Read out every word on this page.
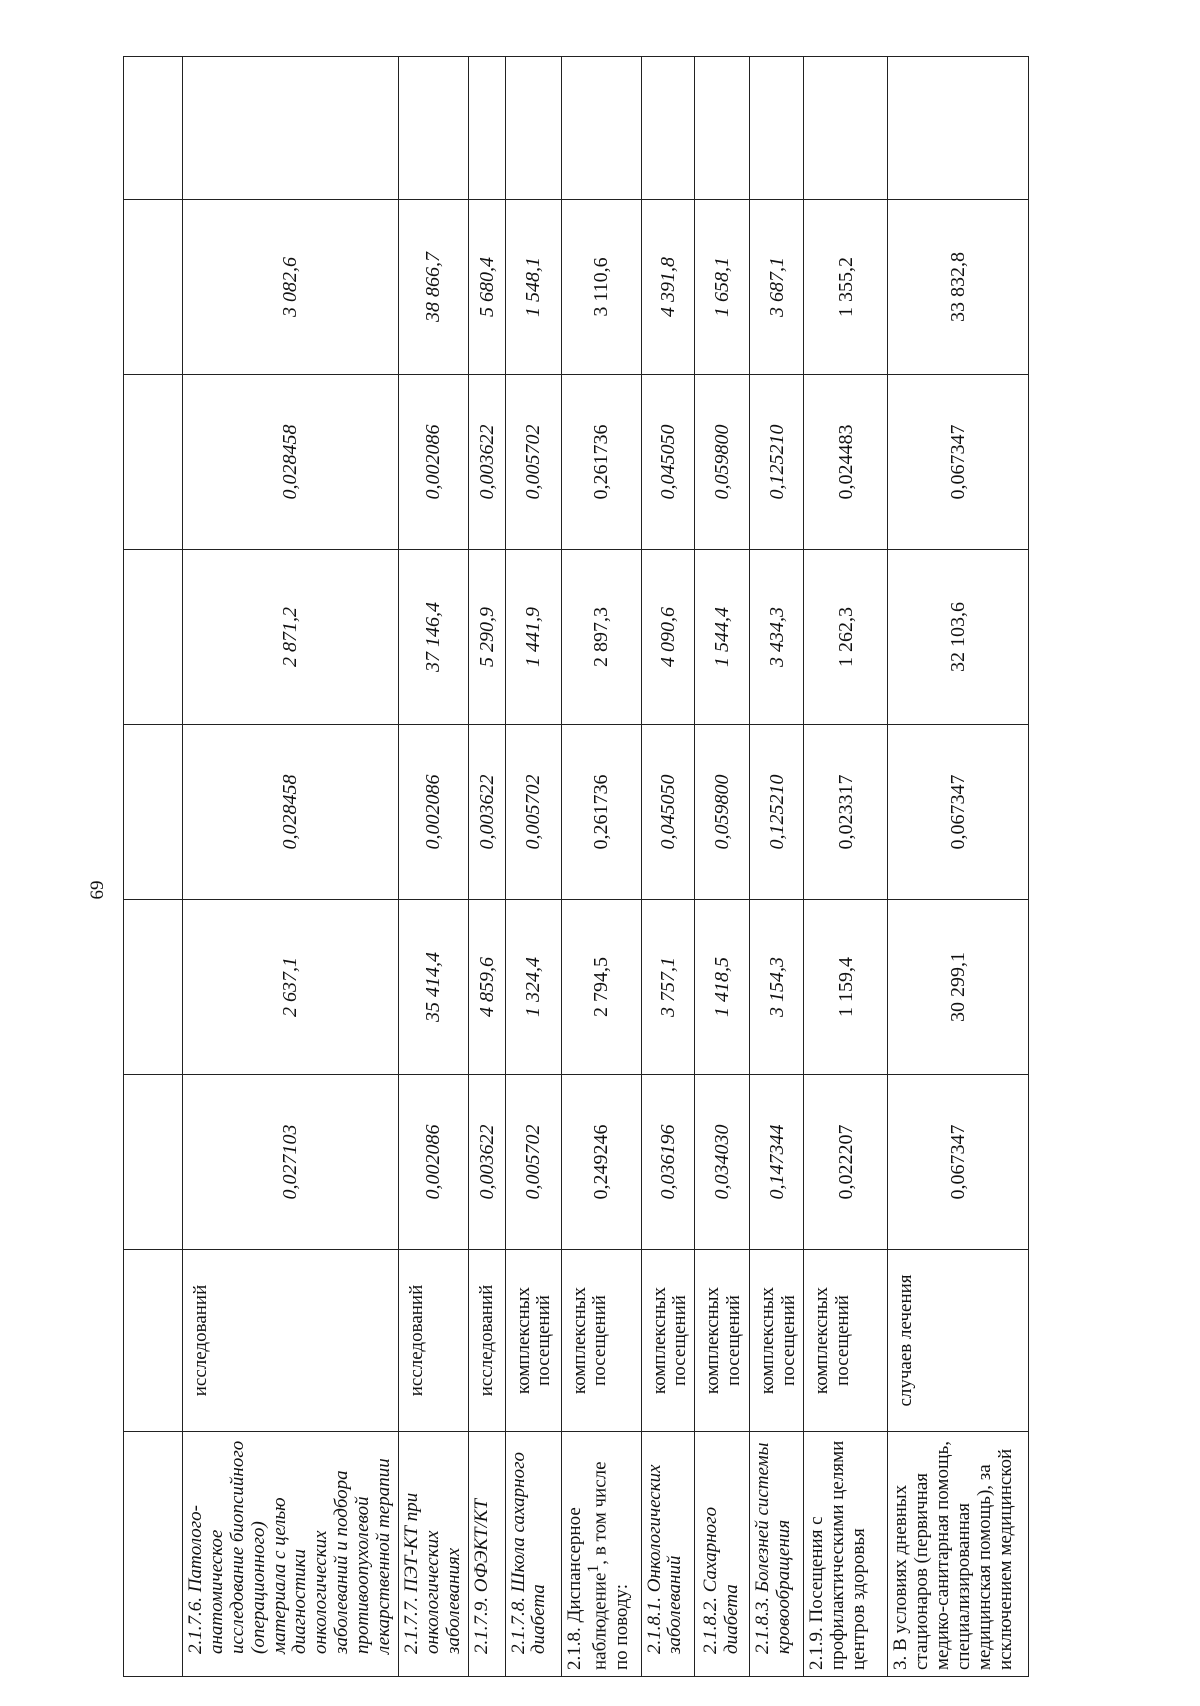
69

2.1.7.6. Патолого-анатомическое исследование биопсийного (операционного) материала с целью диагностики онкологических заболеваний и подбора противоопухолевой лекарственной терапии	исследований	0,027103	2 637,1	0,028458	2 871,2	0,028458	3 082,6	
2.1.7.7. ПЭТ-КТ при онкологических заболеваниях	исследований	0,002086	35 414,4	0,002086	37 146,4	0,002086	38 866,7	
2.1.7.9. ОФЭКТ/КТ	исследований	0,003622	4 859,6	0,003622	5 290,9	0,003622	5 680,4	
2.1.7.8. Школа сахарного диабета	комплексных посещений	0,005702	1 324,4	0,005702	1 441,9	0,005702	1 548,1	
2.1.8. Диспансерное наблюдение$^1$, в том числе по поводу:	комплексных посещений	0,249246	2 794,5	0,261736	2 897,3	0,261736	3 110,6	
2.1.8.1. Онкологических заболеваний	комплексных посещений	0,036196	3 757,1	0,045050	4 090,6	0,045050	4 391,8	
2.1.8.2. Сахарного диабета	комплексных посещений	0,034030	1 418,5	0,059800	1 544,4	0,059800	1 658,1	
2.1.8.3. Болезней системы кровообращения	комплексных посещений	0,147344	3 154,3	0,125210	3 434,3	0,125210	3 687,1	
2.1.9. Посещения с профилактическими целями центров здоровья	комплексных посещений	0,022207	1 159,4	0,023317	1 262,3	0,024483	1 355,2	
3. В условиях дневных стационаров (первичная медико-санитарная помощь, специализированная медицинская помощь), за исключением медицинской	случаев лечения	0,067347	30 299,1	0,067347	32 103,6	0,067347	33 832,8	
